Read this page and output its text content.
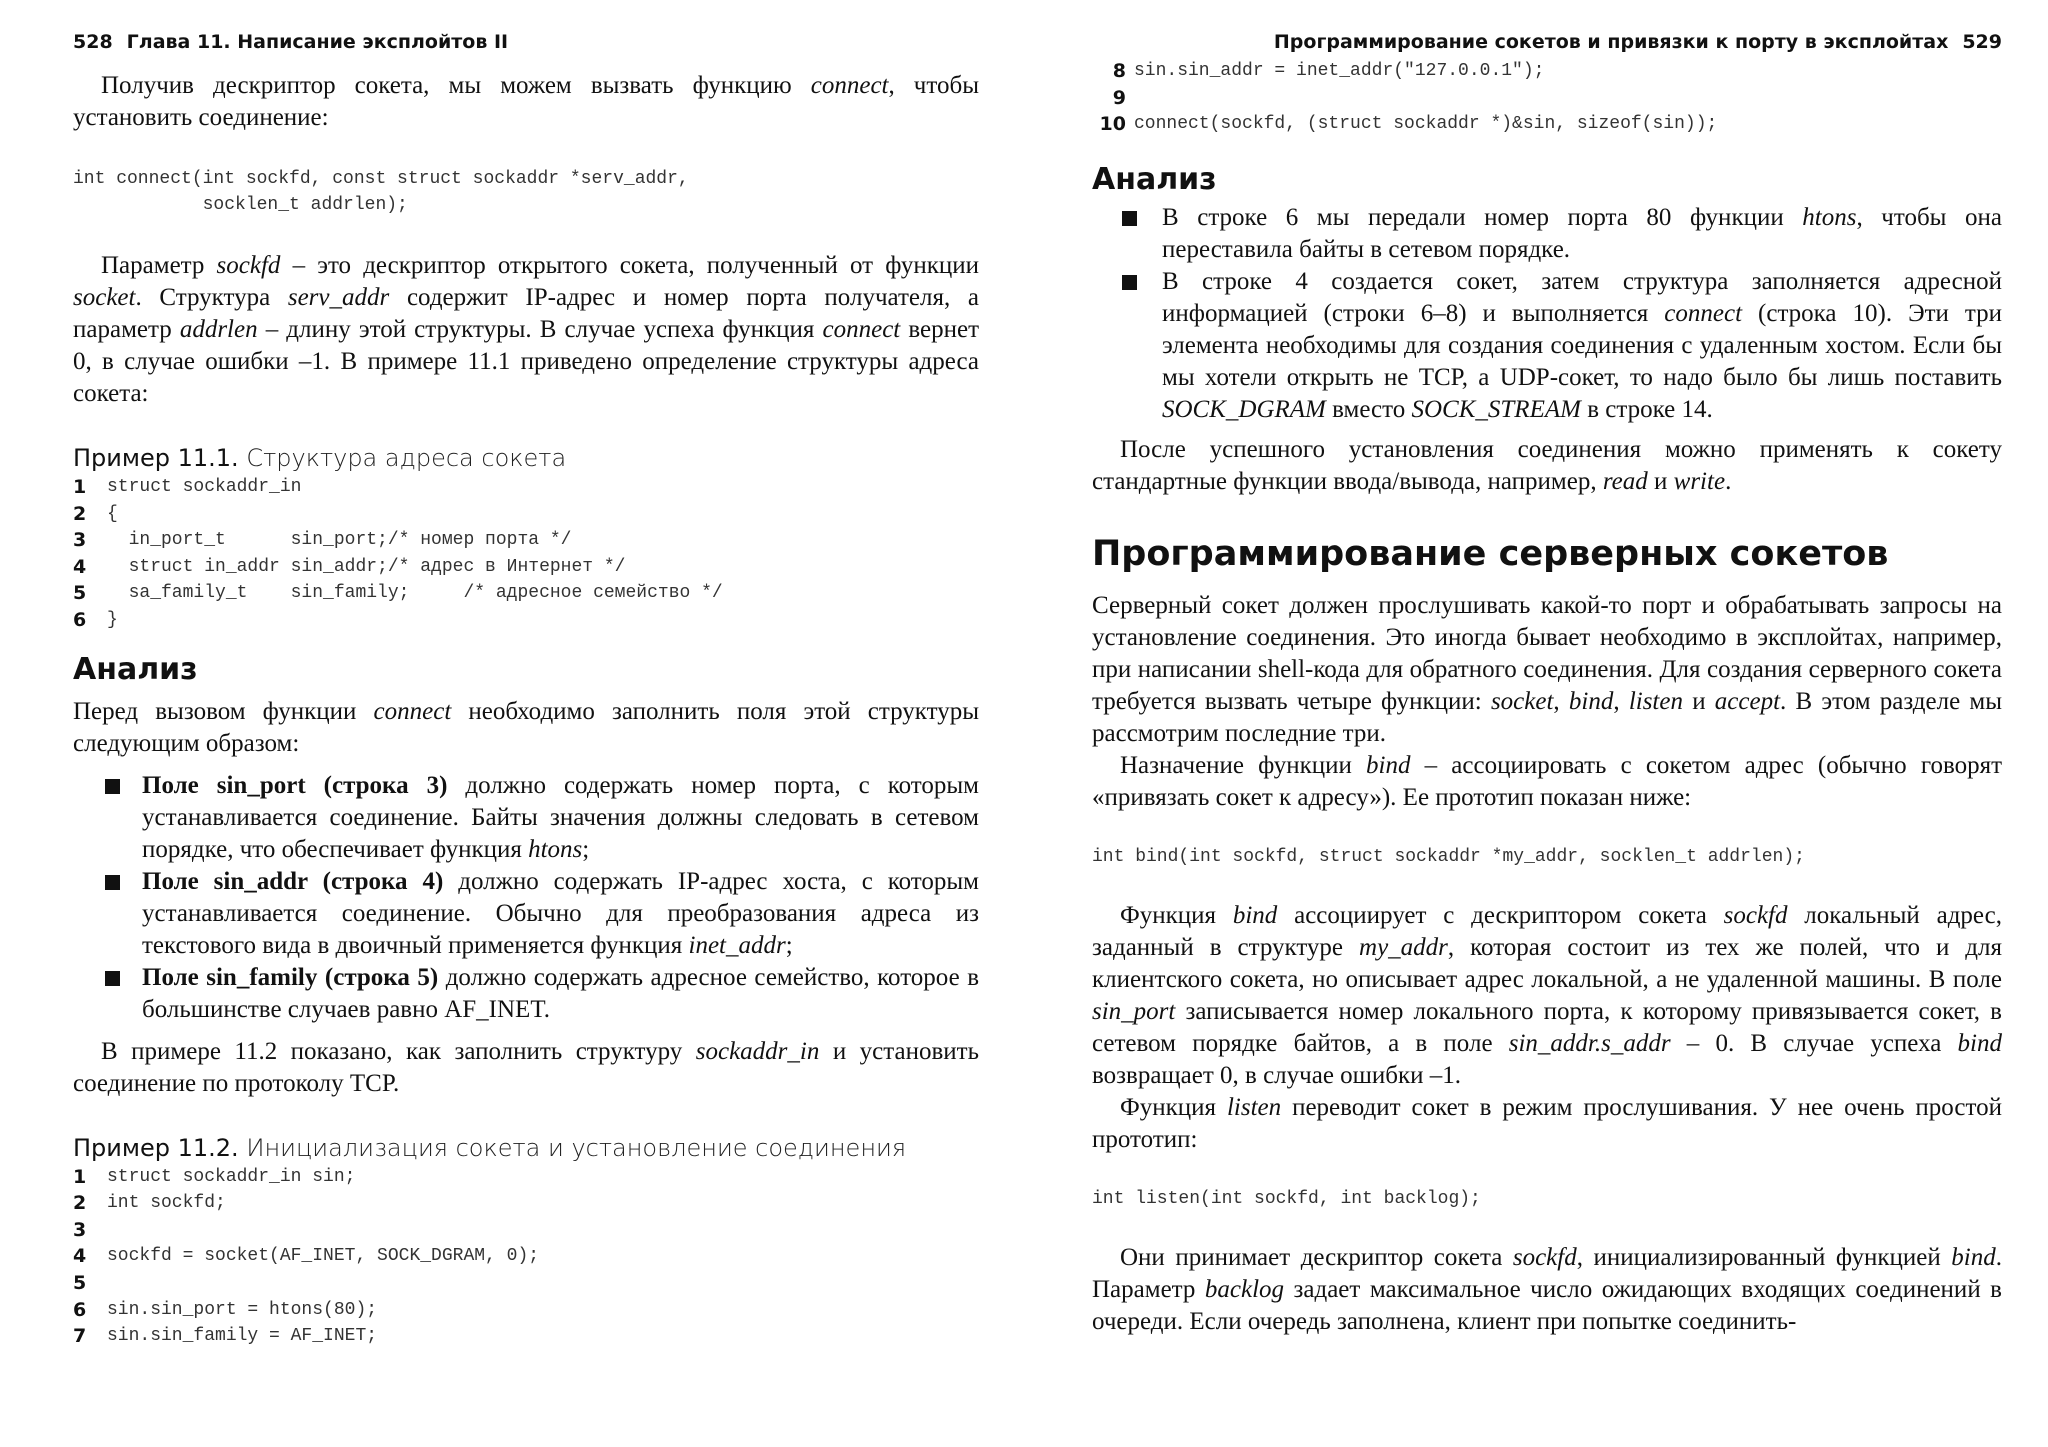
528 Глава 11. Написание эксплойтов II

Получив дескриптор сокета, мы можем вызвать функцию connect, чтобы установить соединение:

int connect(int sockfd, const struct sockaddr *serv_addr,
socklen_t addrlen);

Параметр sockfd – это дескриптор открытого сокета, полученный от функции socket. Структура serv_addr содержит IP-адрес и номер порта получателя, а параметр addrlen – длину этой структуры. В случае успеха функция connect вернет 0, в случае ошибки –1. В примере 11.1 приведено определение структуры адреса сокета:

Пример 11.1. Структура адреса сокета

1	struct sockaddr_in
2	{
3	in_port_t      sin_port;/* номер порта */
4	struct in_addr sin_addr;/* адрес в Интернет */
5	sa_family_t    sin_family;     /* адресное семейство */
6	}
Анализ

Перед вызовом функции connect необходимо заполнить поля этой структуры следующим образом:

Поле sin_port (строка 3) должно содержать номер порта, с которым устанавливается соединение. Байты значения должны следовать в сетевом порядке, что обеспечивает функция htons;
Поле sin_addr (строка 4) должно содержать IP-адрес хоста, с которым устанавливается соединение. Обычно для преобразования адреса из текстового вида в двоичный применяется функция inet_addr;
Поле sin_family (строка 5) должно содержать адресное семейство, которое в большинстве случаев равно AF_INET.

В примере 11.2 показано, как заполнить структуру sockaddr_in и установить соединение по протоколу TCP.

Пример 11.2. Инициализация сокета и установление соединения

1	struct sockaddr_in sin;
2	int sockfd;
3
4	sockfd = socket(AF_INET, SOCK_DGRAM, 0);
5
6	sin.sin_port = htons(80);
7	sin.sin_family = AF_INET;
Программирование сокетов и привязки к порту в эксплойтах 529
8 sin.sin_addr = inet_addr("127.0.0.1");
9
10 connect(sockfd, (struct sockaddr *)&sin, sizeof(sin));
Анализ
В строке 6 мы передали номер порта 80 функции htons, чтобы она переставила байты в сетевом порядке.
В строке 4 создается сокет, затем структура заполняется адресной информацией (строки 6–8) и выполняется connect (строка 10). Эти три элемента необходимы для создания соединения с удаленным хостом. Если бы мы хотели открыть не TCP, а UDP-сокет, то надо было бы лишь поставить SOCK_DGRAM вместо SOCK_STREAM в строке 14.

После успешного установления соединения можно применять к сокету стандартные функции ввода/вывода, например, read и write.

Программирование серверных сокетов

Серверный сокет должен прослушивать какой-то порт и обрабатывать запросы на установление соединения. Это иногда бывает необходимо в эксплойтах, например, при написании shell-кода для обратного соединения. Для создания серверного сокета требуется вызвать четыре функции: socket, bind, listen и accept. В этом разделе мы рассмотрим последние три.

Назначение функции bind – ассоциировать с сокетом адрес (обычно говорят «привязать сокет к адресу»). Ее прототип показан ниже:

int bind(int sockfd, struct sockaddr *my_addr, socklen_t addrlen);

Функция bind ассоциирует с дескриптором сокета sockfd локальный адрес, заданный в структуре my_addr, которая состоит из тех же полей, что и для клиентского сокета, но описывает адрес локальной, а не удаленной машины. В поле sin_port записывается номер локального порта, к которому привязывается сокет, в сетевом порядке байтов, а в поле sin_addr.s_addr – 0. В случае успеха bind возвращает 0, в случае ошибки –1.

Функция listen переводит сокет в режим прослушивания. У нее очень простой прототип:

int listen(int sockfd, int backlog);

Они принимает дескриптор сокета sockfd, инициализированный функцией bind. Параметр backlog задает максимальное число ожидающих входящих соединений в очереди. Если очередь заполнена, клиент при попытке соединить-
